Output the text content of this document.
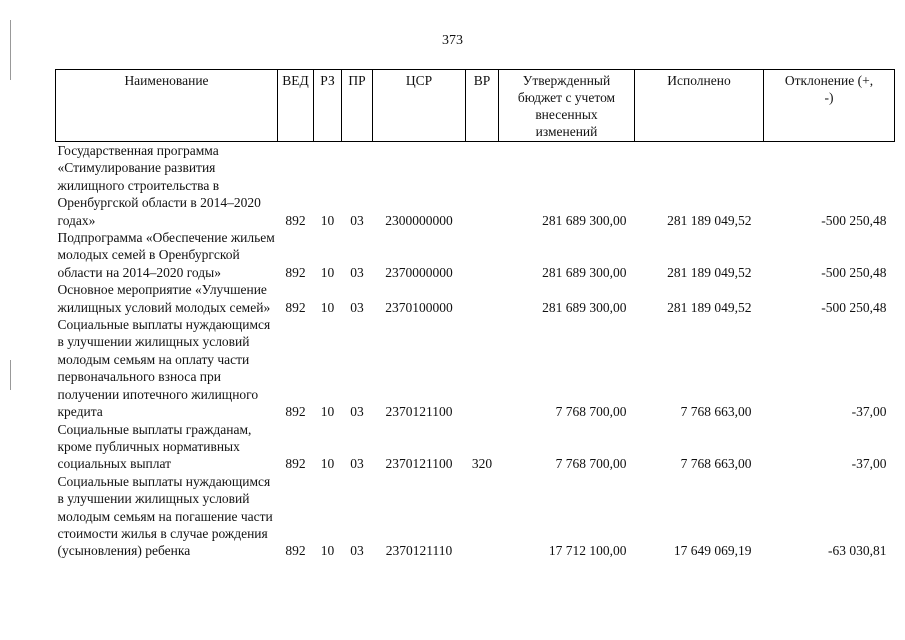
373
Наименование	ВЕД	РЗ	ПР	ЦСР	ВР	Утвержденный бюджет с учетом внесенных изменений	Исполнено	Отклонение (+, -)
Государственная программа «Стимулирование развития жилищного строительства в Оренбургской области в 2014–2020 годах»	892	10	03	2300000000		281 689 300,00	281 189 049,52	-500 250,48
Подпрограмма «Обеспечение жильем молодых семей в Оренбургской области на 2014–2020 годы»	892	10	03	2370000000		281 689 300,00	281 189 049,52	-500 250,48
Основное мероприятие «Улучшение жилищных условий молодых семей»	892	10	03	2370100000		281 689 300,00	281 189 049,52	-500 250,48
Социальные выплаты нуждающимся в улучшении жилищных условий молодым семьям на оплату части первоначального взноса при получении ипотечного жилищного кредита	892	10	03	2370121100		7 768 700,00	7 768 663,00	-37,00
Социальные выплаты гражданам, кроме публичных нормативных социальных выплат	892	10	03	2370121100	320	7 768 700,00	7 768 663,00	-37,00
Социальные выплаты нуждающимся в улучшении жилищных условий молодым семьям на погашение части стоимости жилья в случае рождения (усыновления) ребенка	892	10	03	2370121110		17 712 100,00	17 649 069,19	-63 030,81
